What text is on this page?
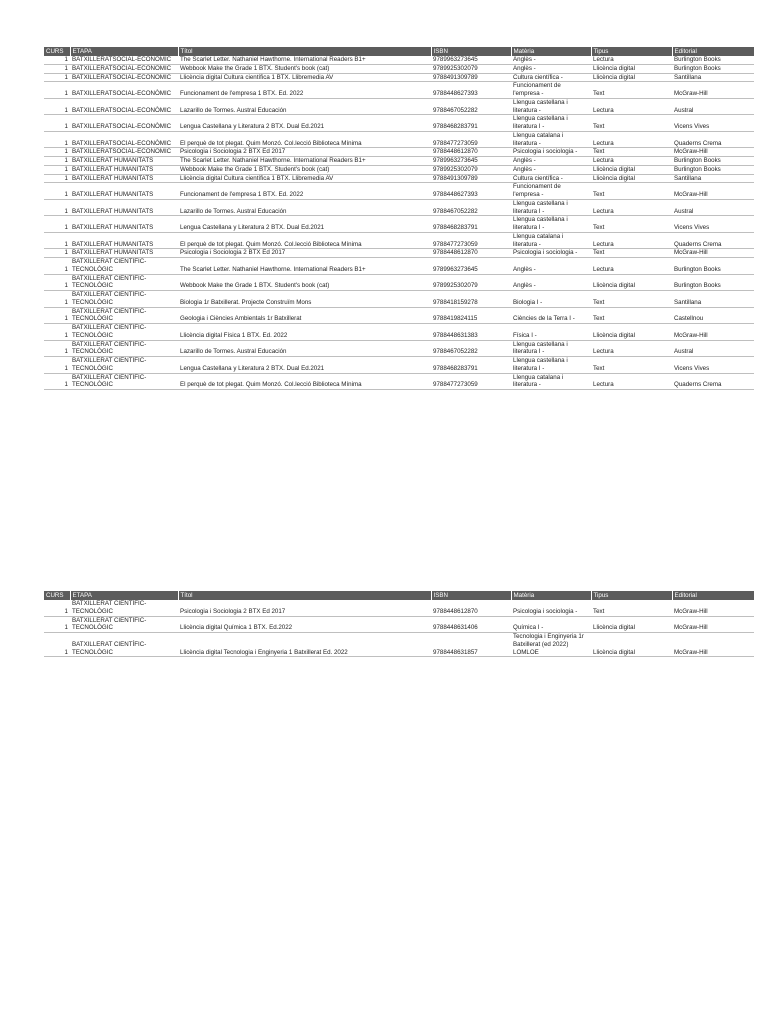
CURS	ETAPA	Títol	ISBN	Matèria	Tipus	Editorial
1	BATXILLERATSOCIAL-ECONÒMIC	The Scarlet Letter. Nathaniel Hawthorne. International Readers B1+	9789963273645	Anglès -	Lectura	Burlington Books
1	BATXILLERATSOCIAL-ECONÒMIC	Webbook Make the Grade 1 BTX. Student's book (cat)	9789925302079	Anglès -	Llicència digital	Burlington Books
1	BATXILLERATSOCIAL-ECONÒMIC	Llicència digital Cultura científica 1 BTX. Llibremedia AV	9788491309789	Cultura científica -	Llicència digital	Santillana
1	BATXILLERATSOCIAL-ECONÒMIC	Funcionament de l'empresa 1 BTX. Ed. 2022	9788448627393	Funcionament de l'empresa -	Text	McGraw-Hill
1	BATXILLERATSOCIAL-ECONÒMIC	Lazarillo de Tormes. Austral Educación	9788467052282	Llengua castellana i literatura -	Lectura	Austral
1	BATXILLERATSOCIAL-ECONÒMIC	Lengua Castellana y Literatura 2 BTX. Dual Ed.2021	9788468283791	Llengua castellana i literatura I -	Text	Vicens Vives
1	BATXILLERATSOCIAL-ECONÒMIC	El perquè de tot plegat. Quim Monzó. Col.lecció Biblioteca Mínima	9788477273059	Llengua catalana i literatura -	Lectura	Quaderns Crema
1	BATXILLERATSOCIAL-ECONÒMIC	Psicologia i Sociologia 2 BTX Ed 2017	9788448612870	Psicologia i sociologia -	Text	McGraw-Hill
1	BATXILLERAT HUMANITATS	The Scarlet Letter. Nathaniel Hawthorne. International Readers B1+	9789963273645	Anglès -	Lectura	Burlington Books
1	BATXILLERAT HUMANITATS	Webbook Make the Grade 1 BTX. Student's book (cat)	9789925302079	Anglès -	Llicència digital	Burlington Books
1	BATXILLERAT HUMANITATS	Llicència digital Cultura científica 1 BTX. Llibremedia AV	9788491309789	Cultura científica -	Llicència digital	Santillana
1	BATXILLERAT HUMANITATS	Funcionament de l'empresa 1 BTX. Ed. 2022	9788448627393	Funcionament de l'empresa -	Text	McGraw-Hill
1	BATXILLERAT HUMANITATS	Lazarillo de Tormes. Austral Educación	9788467052282	Llengua castellana i literatura I -	Lectura	Austral
1	BATXILLERAT HUMANITATS	Lengua Castellana y Literatura 2 BTX. Dual Ed.2021	9788468283791	Llengua castellana i literatura I -	Text	Vicens Vives
1	BATXILLERAT HUMANITATS	El perquè de tot plegat. Quim Monzó. Col.lecció Biblioteca Mínima	9788477273059	Llengua catalana i literatura -	Lectura	Quaderns Crema
1	BATXILLERAT HUMANITATS	Psicologia i Sociologia 2 BTX Ed 2017	9788448612870	Psicologia i sociologia -	Text	McGraw-Hill
1	BATXILLERAT CIENTÍFIC-TECNOLÒGIC	The Scarlet Letter. Nathaniel Hawthorne. International Readers B1+	9789963273645	Anglès -	Lectura	Burlington Books
1	BATXILLERAT CIENTÍFIC-TECNOLÒGIC	Webbook Make the Grade 1 BTX. Student's book (cat)	9789925302079	Anglès -	Llicència digital	Burlington Books
1	BATXILLERAT CIENTÍFIC-TECNOLÒGIC	Biologia 1r Batxillerat. Projecte Construïm Mons	9788418159278	Biologia I -	Text	Santillana
1	BATXILLERAT CIENTÍFIC-TECNOLÒGIC	Geologia i Ciències Ambientals 1r Batxillerat	9788419824115	Ciències de la Terra I -	Text	Castellnou
1	BATXILLERAT CIENTÍFIC-TECNOLÒGIC	Llicència digital Física 1 BTX. Ed. 2022	9788448631383	Física I -	Llicència digital	McGraw-Hill
1	BATXILLERAT CIENTÍFIC-TECNOLÒGIC	Lazarillo de Tormes. Austral Educación	9788467052282	Llengua castellana i literatura I -	Lectura	Austral
1	BATXILLERAT CIENTÍFIC-TECNOLÒGIC	Lengua Castellana y Literatura 2 BTX. Dual Ed.2021	9788468283791	Llengua castellana i literatura I -	Text	Vicens Vives
1	BATXILLERAT CIENTÍFIC-TECNOLÒGIC	El perquè de tot plegat. Quim Monzó. Col.lecció Biblioteca Mínima	9788477273059	Llengua catalana i literatura -	Lectura	Quaderns Crema
CURS	ETAPA	Títol	ISBN	Matèria	Tipus	Editorial
1	BATXILLERAT CIENTÍFIC-TECNOLÒGIC	Psicologia i Sociologia 2 BTX Ed 2017	9788448612870	Psicologia i sociologia -	Text	McGraw-Hill
1	BATXILLERAT CIENTÍFIC-TECNOLÒGIC	Llicència digital Química 1 BTX. Ed.2022	9788448631406	Química I -	Llicència digital	McGraw-Hill
1	BATXILLERAT CIENTÍFIC-TECNOLÒGIC	Llicència digital Tecnologia i Enginyeria 1 Batxillerat Ed. 2022	9788448631857	Tecnologia i Enginyeria 1r Batxillerat (ed 2022) LOMLOE	Llicència digital	McGraw-Hill
